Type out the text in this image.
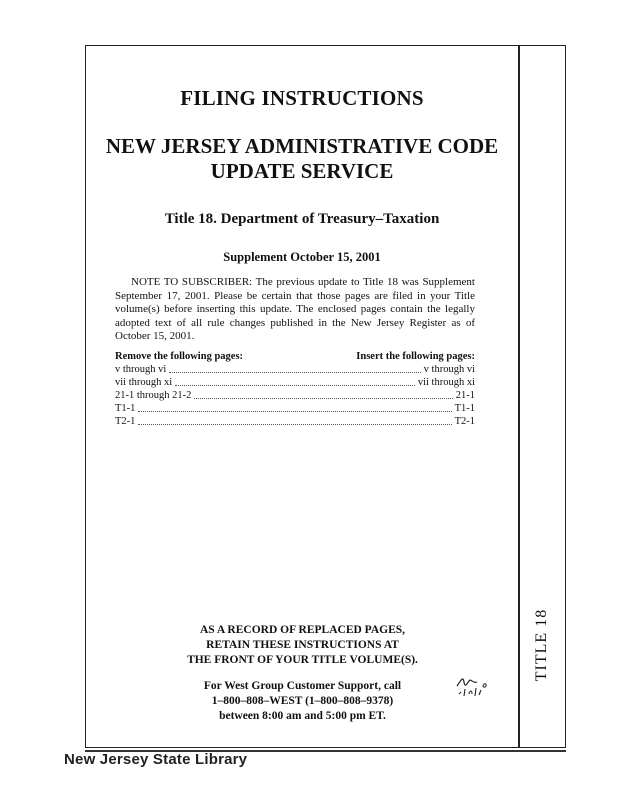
FILING INSTRUCTIONS
NEW JERSEY ADMINISTRATIVE CODE
UPDATE SERVICE
Title 18. Department of Treasury–Taxation
Supplement October 15, 2001
NOTE TO SUBSCRIBER: The previous update to Title 18 was Supplement September 17, 2001. Please be certain that those pages are filed in your Title volume(s) before inserting this update. The enclosed pages contain the legally adopted text of all rule changes published in the New Jersey Register as of October 15, 2001.
Remove the following pages:	Insert the following pages:
v through vi	v through vi
vii through xi	vii through xi
21-1 through 21-2	21-1
T1-1	T1-1
T2-1	T2-1
AS A RECORD OF REPLACED PAGES,
RETAIN THESE INSTRUCTIONS AT
THE FRONT OF YOUR TITLE VOLUME(S).
For West Group Customer Support, call
1–800–808–WEST (1–800–808–9378)
between 8:00 am and 5:00 pm ET.
TITLE 18
New Jersey State Library
